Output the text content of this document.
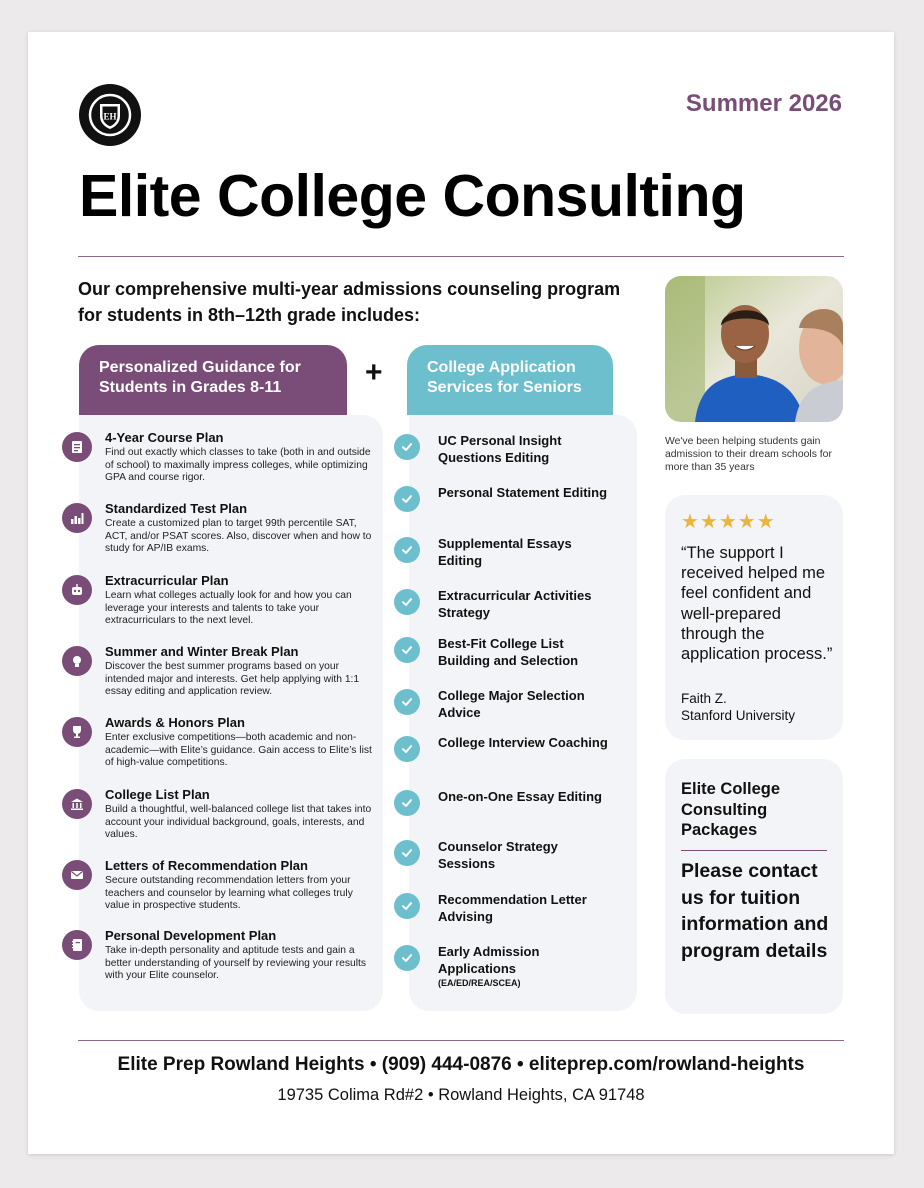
EH	Summer 2026
Elite College Consulting
Our comprehensive multi-year admissions counseling program for students in 8th–12th grade includes:
Personalized Guidance for Students in Grades 8-11	+	College Application Services for Seniors
4-Year Course Plan
Find out exactly which classes to take (both in and outside of school) to maximally impress colleges, while optimizing GPA and course rigor.
Standardized Test Plan
Create a customized plan to target 99th percentile SAT, ACT, and/or PSAT scores. Also, discover when and how to study for AP/IB exams.
Extracurricular Plan
Learn what colleges actually look for and how you can leverage your interests and talents to take your extracurriculars to the next level.
Summer and Winter Break Plan
Discover the best summer programs based on your intended major and interests. Get help applying with 1:1 essay editing and application review.
Awards & Honors Plan
Enter exclusive competitions—both academic and non-academic—with Elite’s guidance. Gain access to Elite’s list of high-value competitions.
College List Plan
Build a thoughtful, well-balanced college list that takes into account your individual background, goals, interests, and values.
Letters of Recommendation Plan
Secure outstanding recommendation letters from your teachers and counselor by learning what colleges truly value in prospective students.
Personal Development Plan
Take in-depth personality and aptitude tests and gain a better understanding of yourself by reviewing your results with your Elite counselor.
UC Personal Insight Questions Editing
Personal Statement Editing
Supplemental Essays Editing
Extracurricular Activities Strategy
Best-Fit College List Building and Selection
College Major Selection Advice
College Interview Coaching
One-on-One Essay Editing
Counselor Strategy Sessions
Recommendation Letter Advising
Early Admission Applications
(EA/ED/REA/SCEA)
We've been helping students gain admission to their dream schools for more than 35 years
★★★★★
“The support I received helped me feel confident and well-prepared through the application process.”
Faith Z.
Stanford University
Elite College Consulting Packages
Please contact us for tuition information and program details
Elite Prep Rowland Heights • (909) 444-0876 • eliteprep.com/rowland-heights
19735 Colima Rd#2 • Rowland Heights, CA 91748
